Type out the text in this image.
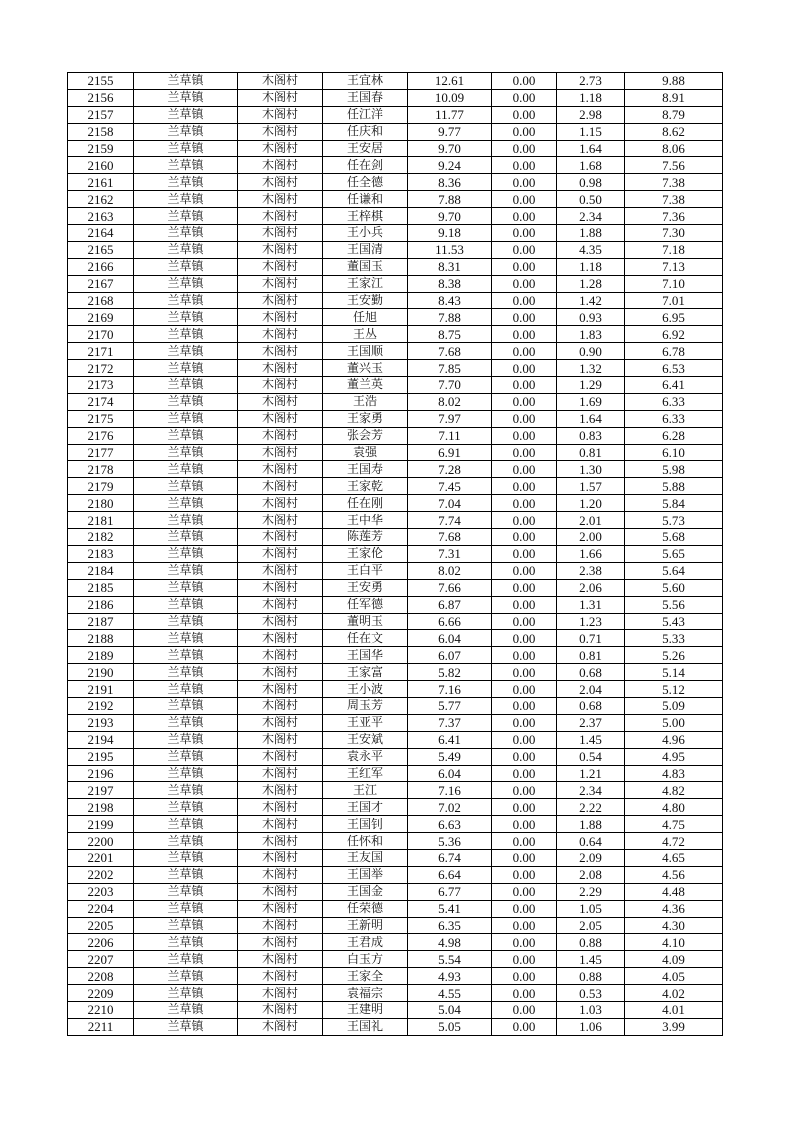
2155	兰草镇	木阁村	王宜林	12.61	0.00	2.73	9.88
2156	兰草镇	木阁村	王国春	10.09	0.00	1.18	8.91
2157	兰草镇	木阁村	任江洋	11.77	0.00	2.98	8.79
2158	兰草镇	木阁村	任庆和	9.77	0.00	1.15	8.62
2159	兰草镇	木阁村	王安居	9.70	0.00	1.64	8.06
2160	兰草镇	木阁村	任在剑	9.24	0.00	1.68	7.56
2161	兰草镇	木阁村	任全德	8.36	0.00	0.98	7.38
2162	兰草镇	木阁村	任谦和	7.88	0.00	0.50	7.38
2163	兰草镇	木阁村	王梓棋	9.70	0.00	2.34	7.36
2164	兰草镇	木阁村	王小兵	9.18	0.00	1.88	7.30
2165	兰草镇	木阁村	王国清	11.53	0.00	4.35	7.18
2166	兰草镇	木阁村	董国玉	8.31	0.00	1.18	7.13
2167	兰草镇	木阁村	王家江	8.38	0.00	1.28	7.10
2168	兰草镇	木阁村	王安勤	8.43	0.00	1.42	7.01
2169	兰草镇	木阁村	任旭	7.88	0.00	0.93	6.95
2170	兰草镇	木阁村	王丛	8.75	0.00	1.83	6.92
2171	兰草镇	木阁村	王国顺	7.68	0.00	0.90	6.78
2172	兰草镇	木阁村	董兴玉	7.85	0.00	1.32	6.53
2173	兰草镇	木阁村	董兰英	7.70	0.00	1.29	6.41
2174	兰草镇	木阁村	王浩	8.02	0.00	1.69	6.33
2175	兰草镇	木阁村	王家勇	7.97	0.00	1.64	6.33
2176	兰草镇	木阁村	张会芳	7.11	0.00	0.83	6.28
2177	兰草镇	木阁村	袁强	6.91	0.00	0.81	6.10
2178	兰草镇	木阁村	王国寿	7.28	0.00	1.30	5.98
2179	兰草镇	木阁村	王家乾	7.45	0.00	1.57	5.88
2180	兰草镇	木阁村	任在刚	7.04	0.00	1.20	5.84
2181	兰草镇	木阁村	王中华	7.74	0.00	2.01	5.73
2182	兰草镇	木阁村	陈莲芳	7.68	0.00	2.00	5.68
2183	兰草镇	木阁村	王家伦	7.31	0.00	1.66	5.65
2184	兰草镇	木阁村	王白平	8.02	0.00	2.38	5.64
2185	兰草镇	木阁村	王安勇	7.66	0.00	2.06	5.60
2186	兰草镇	木阁村	任军德	6.87	0.00	1.31	5.56
2187	兰草镇	木阁村	董明玉	6.66	0.00	1.23	5.43
2188	兰草镇	木阁村	任在文	6.04	0.00	0.71	5.33
2189	兰草镇	木阁村	王国华	6.07	0.00	0.81	5.26
2190	兰草镇	木阁村	王家富	5.82	0.00	0.68	5.14
2191	兰草镇	木阁村	王小波	7.16	0.00	2.04	5.12
2192	兰草镇	木阁村	周玉芳	5.77	0.00	0.68	5.09
2193	兰草镇	木阁村	王亚平	7.37	0.00	2.37	5.00
2194	兰草镇	木阁村	王安斌	6.41	0.00	1.45	4.96
2195	兰草镇	木阁村	袁永平	5.49	0.00	0.54	4.95
2196	兰草镇	木阁村	王红军	6.04	0.00	1.21	4.83
2197	兰草镇	木阁村	王江	7.16	0.00	2.34	4.82
2198	兰草镇	木阁村	王国才	7.02	0.00	2.22	4.80
2199	兰草镇	木阁村	王国钊	6.63	0.00	1.88	4.75
2200	兰草镇	木阁村	任怀和	5.36	0.00	0.64	4.72
2201	兰草镇	木阁村	王友国	6.74	0.00	2.09	4.65
2202	兰草镇	木阁村	王国举	6.64	0.00	2.08	4.56
2203	兰草镇	木阁村	王国金	6.77	0.00	2.29	4.48
2204	兰草镇	木阁村	任荣德	5.41	0.00	1.05	4.36
2205	兰草镇	木阁村	王新明	6.35	0.00	2.05	4.30
2206	兰草镇	木阁村	王君成	4.98	0.00	0.88	4.10
2207	兰草镇	木阁村	白玉方	5.54	0.00	1.45	4.09
2208	兰草镇	木阁村	王家全	4.93	0.00	0.88	4.05
2209	兰草镇	木阁村	袁福宗	4.55	0.00	0.53	4.02
2210	兰草镇	木阁村	王建明	5.04	0.00	1.03	4.01
2211	兰草镇	木阁村	王国礼	5.05	0.00	1.06	3.99
